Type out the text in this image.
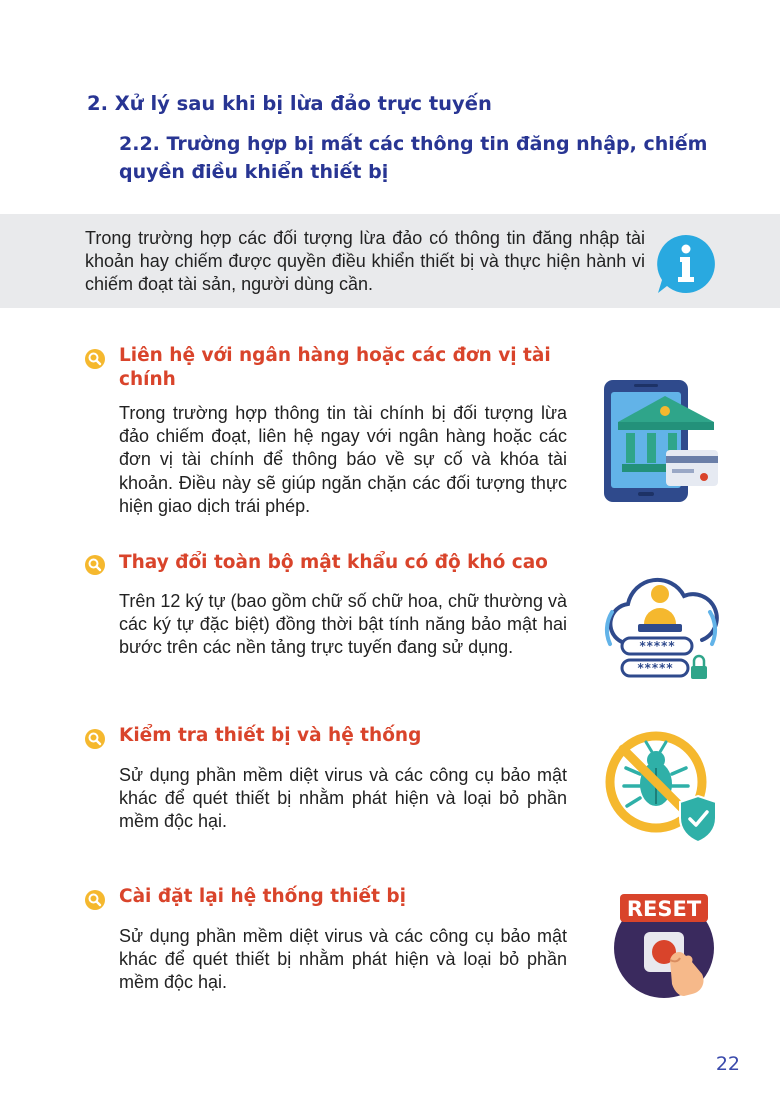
2. Xử lý sau khi bị lừa đảo trực tuyến
2.2. Trường hợp bị mất các thông tin đăng nhập, chiếm quyền điều khiển thiết bị
Trong trường hợp các đối tượng lừa đảo có thông tin đăng nhập tài khoản hay chiếm được quyền điều khiển thiết bị và thực hiện hành vi chiếm đoạt tài sản, người dùng cần.
Liên hệ với ngân hàng hoặc các đơn vị tài chính
Trong trường hợp thông tin tài chính bị đối tượng lừa đảo chiếm đoạt, liên hệ ngay với ngân hàng hoặc các đơn vị tài chính để thông báo về sự cố và khóa tài khoản. Điều này sẽ giúp ngăn chặn các đối tượng thực hiện giao dịch trái phép.
Thay đổi toàn bộ mật khẩu có độ khó cao
Trên 12 ký tự (bao gồm chữ số chữ hoa, chữ thường và các ký tự đặc biệt) đồng thời bật tính năng bảo mật hai bước trên các nền tảng trực tuyến đang sử dụng.	*****
*****
Kiểm tra thiết bị và hệ thống
Sử dụng phần mềm diệt virus và các công cụ bảo mật khác để quét thiết bị nhằm phát hiện và loại bỏ phần mềm độc hại.
Cài đặt lại hệ thống thiết bị
Sử dụng phần mềm diệt virus và các công cụ bảo mật khác để quét thiết bị nhằm phát hiện và loại bỏ phần mềm độc hại.
RESET
22
